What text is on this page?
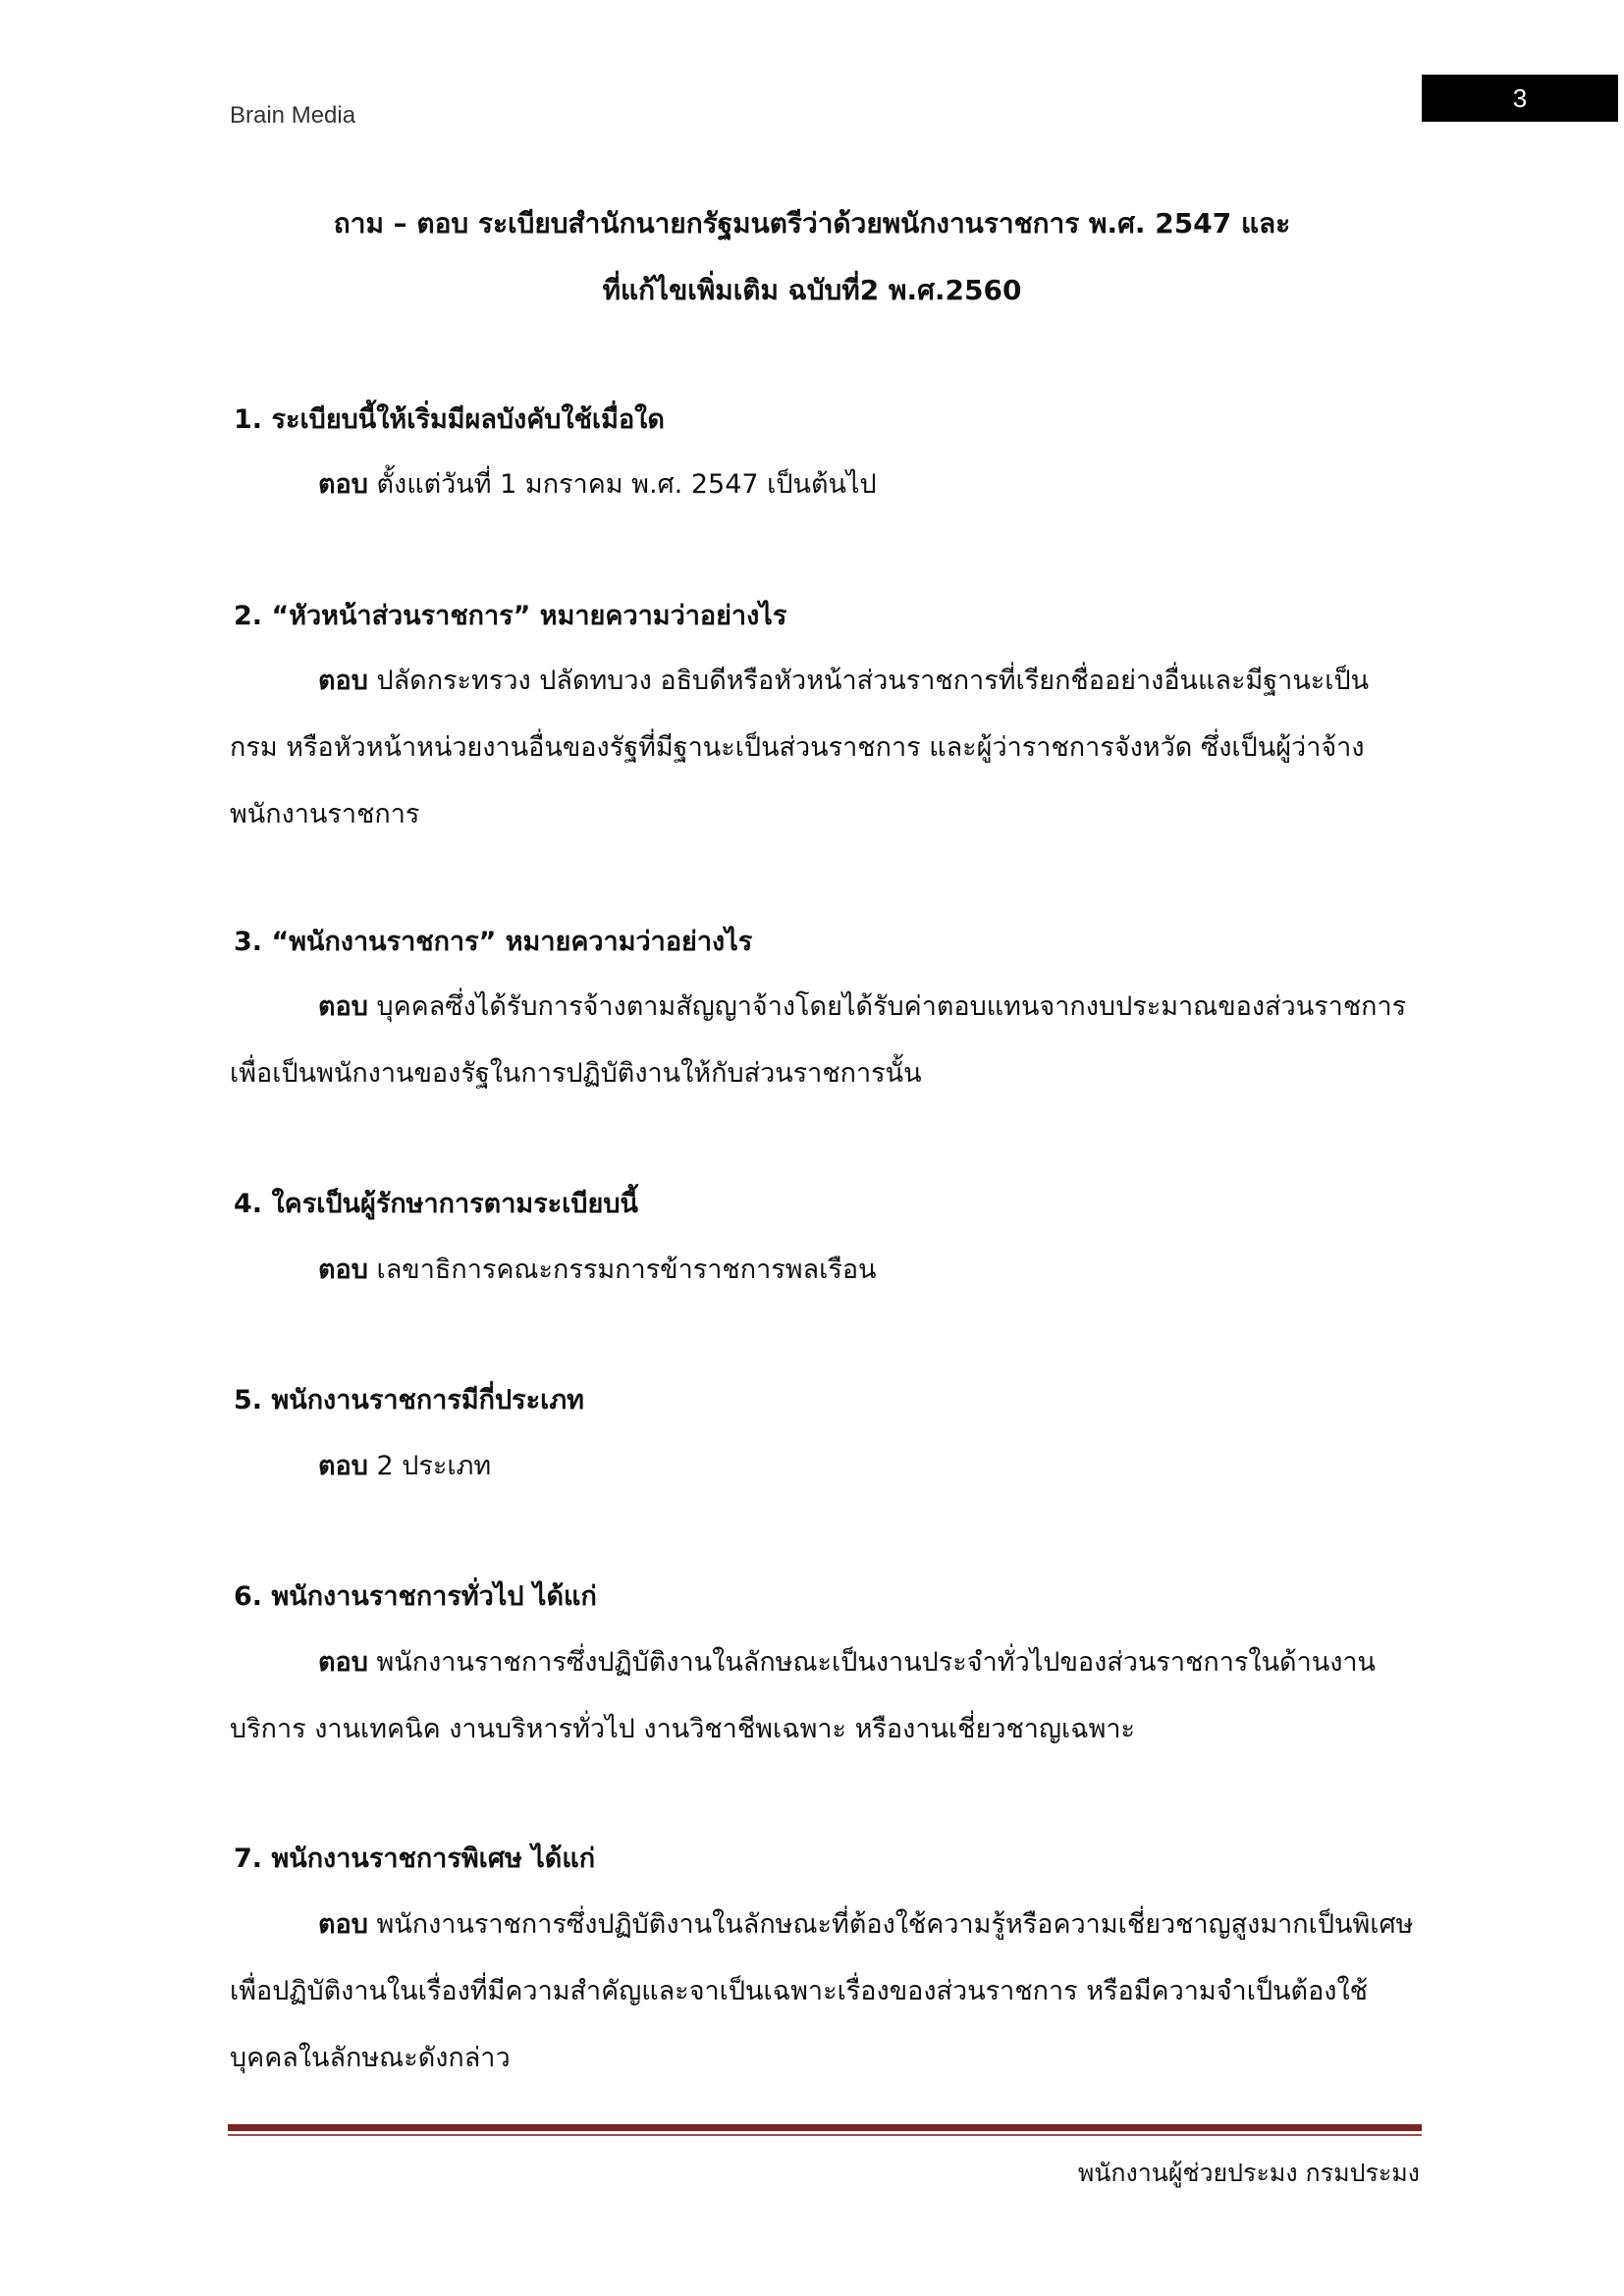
Brain Media
3
ถาม – ตอบ ระเบียบสำนักนายกรัฐมนตรีว่าด้วยพนักงานราชการ พ.ศ. 2547 และ
ที่แก้ไขเพิ่มเติม ฉบับที่2 พ.ศ.2560
1. ระเบียบนี้ให้เริ่มมีผลบังคับใช้เมื่อใด

ตอบ ตั้งแต่วันที่ 1 มกราคม พ.ศ. 2547 เป็นต้นไป

2. “หัวหน้าส่วนราชการ” หมายความว่าอย่างไร

ตอบ ปลัดกระทรวง ปลัดทบวง อธิบดีหรือหัวหน้าส่วนราชการที่เรียกชื่ออย่างอื่นและมีฐานะเป็น

กรม หรือหัวหน้าหน่วยงานอื่นของรัฐที่มีฐานะเป็นส่วนราชการ และผู้ว่าราชการจังหวัด ซึ่งเป็นผู้ว่าจ้าง

พนักงานราชการ

3. “พนักงานราชการ” หมายความว่าอย่างไร

ตอบ บุคคลซึ่งได้รับการจ้างตามสัญญาจ้างโดยได้รับค่าตอบแทนจากงบประมาณของส่วนราชการ

เพื่อเป็นพนักงานของรัฐในการปฏิบัติงานให้กับส่วนราชการนั้น

4. ใครเป็นผู้รักษาการตามระเบียบนี้

ตอบ เลขาธิการคณะกรรมการข้าราชการพลเรือน

5. พนักงานราชการมีกี่ประเภท

ตอบ 2 ประเภท

6. พนักงานราชการทั่วไป ได้แก่

ตอบ พนักงานราชการซึ่งปฏิบัติงานในลักษณะเป็นงานประจำทั่วไปของส่วนราชการในด้านงาน

บริการ งานเทคนิค งานบริหารทั่วไป งานวิชาชีพเฉพาะ หรืองานเชี่ยวชาญเฉพาะ

7. พนักงานราชการพิเศษ ได้แก่

ตอบ พนักงานราชการซึ่งปฏิบัติงานในลักษณะที่ต้องใช้ความรู้หรือความเชี่ยวชาญสูงมากเป็นพิเศษ

เพื่อปฏิบัติงานในเรื่องที่มีความสำคัญและจาเป็นเฉพาะเรื่องของส่วนราชการ หรือมีความจำเป็นต้องใช้

บุคคลในลักษณะดังกล่าว

พนักงานผู้ช่วยประมง กรมประมง
